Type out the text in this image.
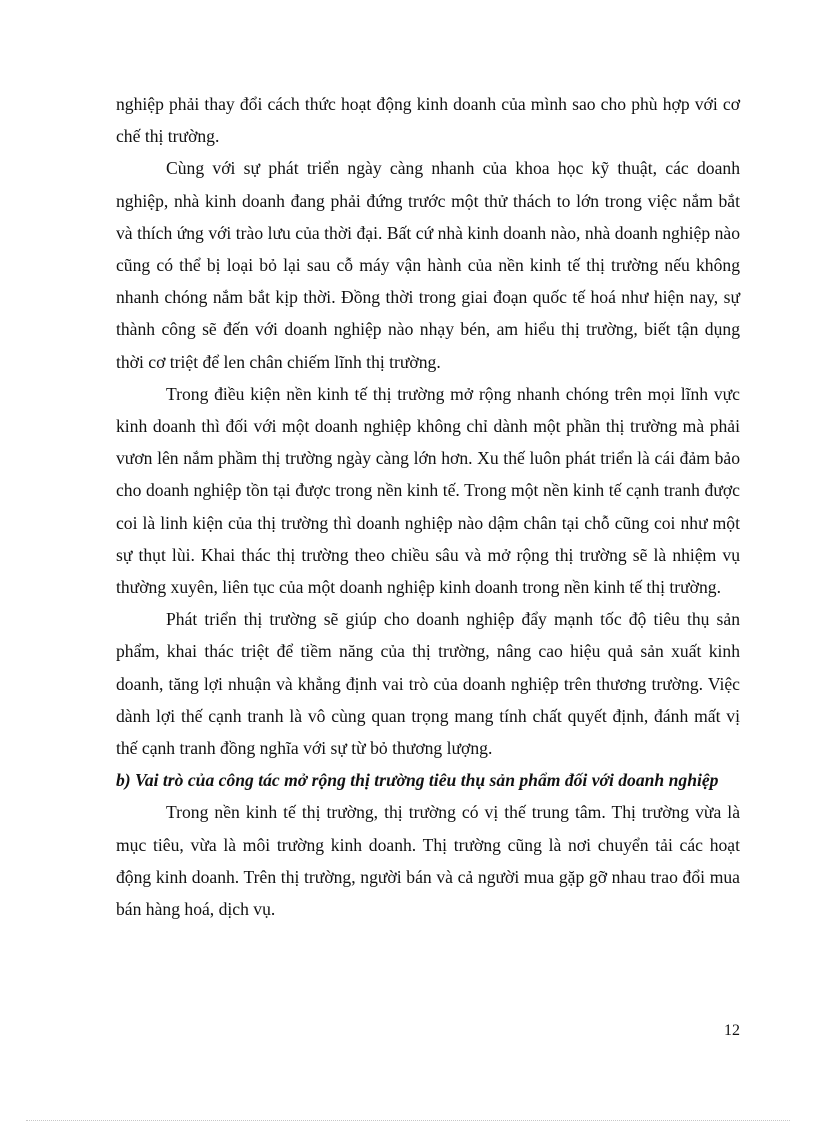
nghiệp phải thay đổi cách thức hoạt động kinh doanh của mình sao cho phù hợp với cơ chế thị trường.

Cùng với sự phát triển ngày càng nhanh của khoa học kỹ thuật, các doanh nghiệp, nhà kinh doanh đang phải đứng trước một thử thách to lớn trong việc nắm bắt và thích ứng với trào lưu của thời đại. Bất cứ nhà kinh doanh nào, nhà doanh nghiệp nào cũng có thể bị loại bỏ lại sau cỗ máy vận hành của nền kinh tế thị trường nếu không nhanh chóng nắm bắt kịp thời. Đồng thời trong giai đoạn quốc tế hoá như hiện nay, sự thành công sẽ đến với doanh nghiệp nào nhạy bén, am hiểu thị trường, biết tận dụng thời cơ triệt để len chân chiếm lĩnh thị trường.

Trong điều kiện nền kinh tế thị trường mở rộng nhanh chóng trên mọi lĩnh vực kinh doanh thì đối với một doanh nghiệp không chỉ dành một phần thị trường mà phải vươn lên nắm phầm thị trường ngày càng lớn hơn. Xu thế luôn phát triển là cái đảm bảo cho doanh nghiệp tồn tại được trong nền kinh tế. Trong một nền kinh tế cạnh tranh được coi là linh kiện của thị trường thì doanh nghiệp nào dậm chân tại chỗ cũng coi như một sự thụt lùi. Khai thác thị trường theo chiều sâu và mở rộng thị trường sẽ là nhiệm vụ thường xuyên, liên tục của một doanh nghiệp kinh doanh trong nền kinh tế thị trường.

Phát triển thị trường sẽ giúp cho doanh nghiệp đẩy mạnh tốc độ tiêu thụ sản phẩm, khai thác triệt để tiềm năng của thị trường, nâng cao hiệu quả sản xuất kinh doanh, tăng lợi nhuận và khẳng định vai trò của doanh nghiệp trên thương trường. Việc dành lợi thế cạnh tranh là vô cùng quan trọng mang tính chất quyết định, đánh mất vị thế cạnh tranh đồng nghĩa với sự từ bỏ thương lượng.

b) Vai trò của công tác mở rộng thị trường tiêu thụ sản phẩm đối với doanh nghiệp

Trong nền kinh tế thị trường, thị trường có vị thế trung tâm. Thị trường vừa là mục tiêu, vừa là môi trường kinh doanh. Thị trường cũng là nơi chuyển tải các hoạt động kinh doanh. Trên thị trường, người bán và cả người mua gặp gỡ nhau trao đổi mua bán hàng hoá, dịch vụ.

12
